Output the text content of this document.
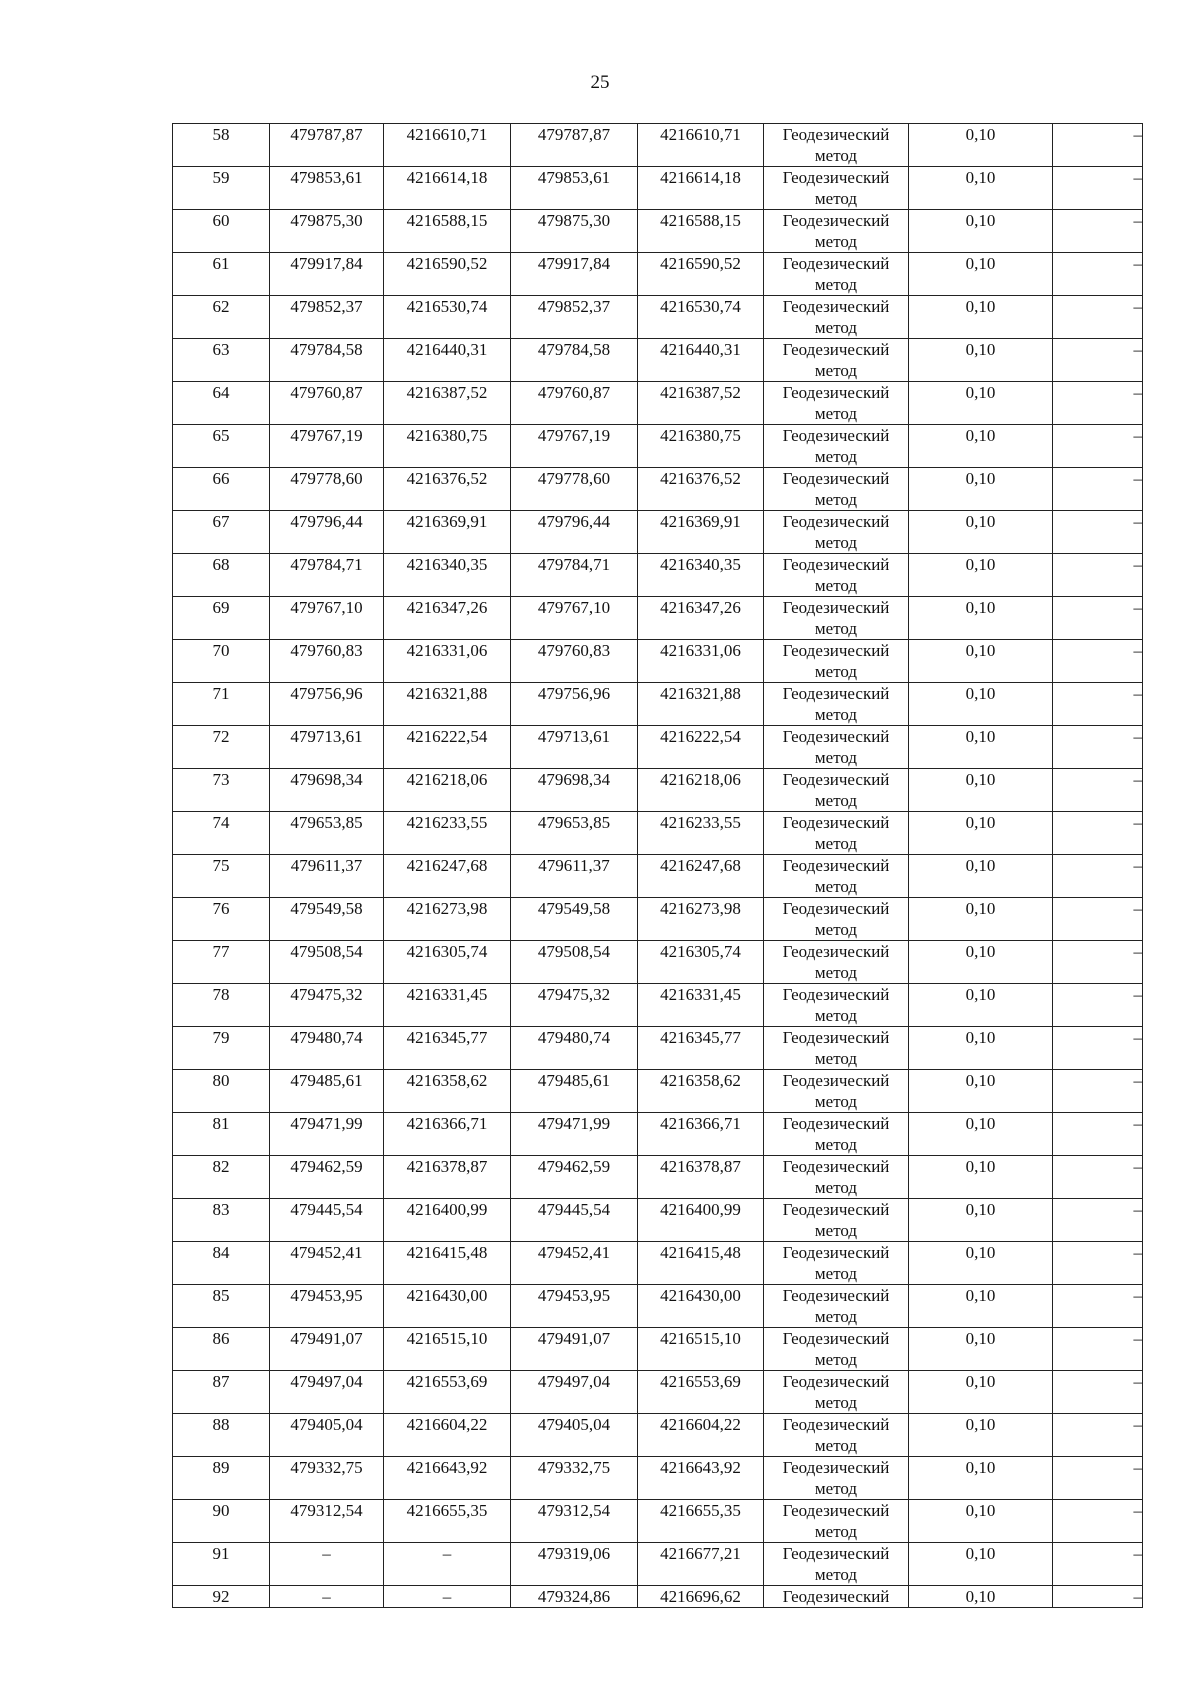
25
58	479787,87	4216610,71	479787,87	4216610,71	Геодезический метод	0,10	–
59	479853,61	4216614,18	479853,61	4216614,18	Геодезический метод	0,10	–
60	479875,30	4216588,15	479875,30	4216588,15	Геодезический метод	0,10	–
61	479917,84	4216590,52	479917,84	4216590,52	Геодезический метод	0,10	–
62	479852,37	4216530,74	479852,37	4216530,74	Геодезический метод	0,10	–
63	479784,58	4216440,31	479784,58	4216440,31	Геодезический метод	0,10	–
64	479760,87	4216387,52	479760,87	4216387,52	Геодезический метод	0,10	–
65	479767,19	4216380,75	479767,19	4216380,75	Геодезический метод	0,10	–
66	479778,60	4216376,52	479778,60	4216376,52	Геодезический метод	0,10	–
67	479796,44	4216369,91	479796,44	4216369,91	Геодезический метод	0,10	–
68	479784,71	4216340,35	479784,71	4216340,35	Геодезический метод	0,10	–
69	479767,10	4216347,26	479767,10	4216347,26	Геодезический метод	0,10	–
70	479760,83	4216331,06	479760,83	4216331,06	Геодезический метод	0,10	–
71	479756,96	4216321,88	479756,96	4216321,88	Геодезический метод	0,10	–
72	479713,61	4216222,54	479713,61	4216222,54	Геодезический метод	0,10	–
73	479698,34	4216218,06	479698,34	4216218,06	Геодезический метод	0,10	–
74	479653,85	4216233,55	479653,85	4216233,55	Геодезический метод	0,10	–
75	479611,37	4216247,68	479611,37	4216247,68	Геодезический метод	0,10	–
76	479549,58	4216273,98	479549,58	4216273,98	Геодезический метод	0,10	–
77	479508,54	4216305,74	479508,54	4216305,74	Геодезический метод	0,10	–
78	479475,32	4216331,45	479475,32	4216331,45	Геодезический метод	0,10	–
79	479480,74	4216345,77	479480,74	4216345,77	Геодезический метод	0,10	–
80	479485,61	4216358,62	479485,61	4216358,62	Геодезический метод	0,10	–
81	479471,99	4216366,71	479471,99	4216366,71	Геодезический метод	0,10	–
82	479462,59	4216378,87	479462,59	4216378,87	Геодезический метод	0,10	–
83	479445,54	4216400,99	479445,54	4216400,99	Геодезический метод	0,10	–
84	479452,41	4216415,48	479452,41	4216415,48	Геодезический метод	0,10	–
85	479453,95	4216430,00	479453,95	4216430,00	Геодезический метод	0,10	–
86	479491,07	4216515,10	479491,07	4216515,10	Геодезический метод	0,10	–
87	479497,04	4216553,69	479497,04	4216553,69	Геодезический метод	0,10	–
88	479405,04	4216604,22	479405,04	4216604,22	Геодезический метод	0,10	–
89	479332,75	4216643,92	479332,75	4216643,92	Геодезический метод	0,10	–
90	479312,54	4216655,35	479312,54	4216655,35	Геодезический метод	0,10	–
91	–	–	479319,06	4216677,21	Геодезический метод	0,10	–
92	–	–	479324,86	4216696,62	Геодезический	0,10	–
